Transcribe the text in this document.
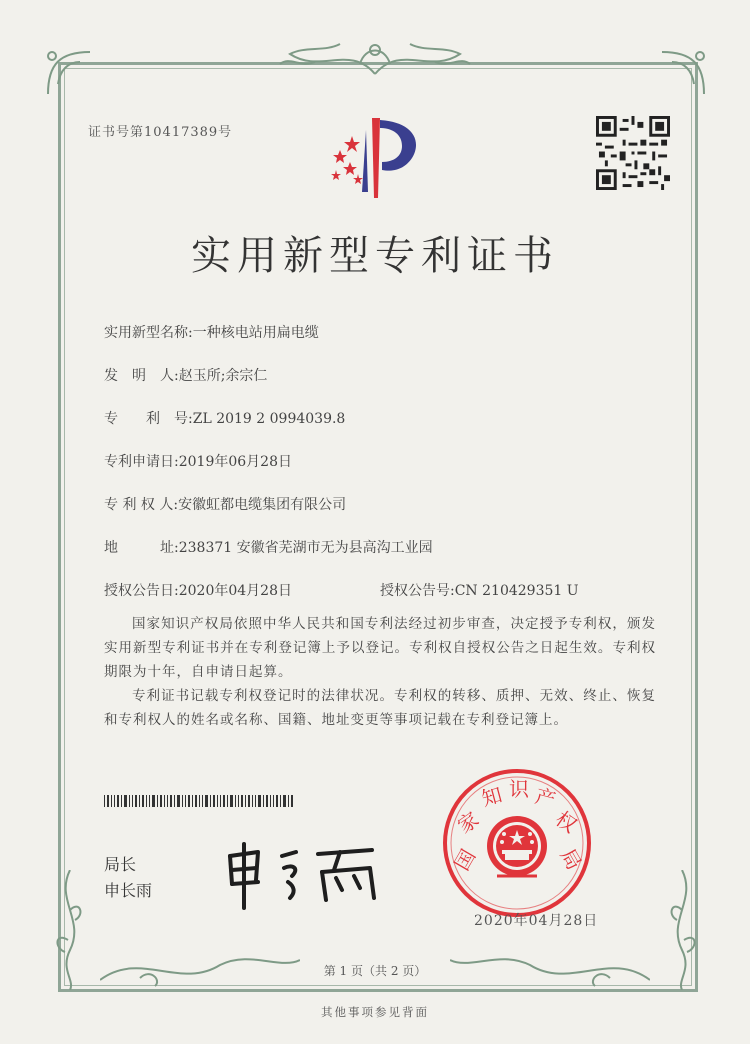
证书号第10417389号
实用新型专利证书
实用新型名称:一种核电站用扁电缆
发　明　人:赵玉所;余宗仁
专　　利　号:ZL 2019 2 0994039.8
专利申请日:2019年06月28日
专 利 权 人:安徽虹都电缆集团有限公司
地　　　址:238371 安徽省芜湖市无为县高沟工业园
授权公告日:2020年04月28日	授权公告号:CN 210429351 U
国家知识产权局依照中华人民共和国专利法经过初步审查，决定授予专利权，颁发实用新型专利证书并在专利登记簿上予以登记。专利权自授权公告之日起生效。专利权期限为十年，自申请日起算。
专利证书记载专利权登记时的法律状况。专利权的转移、质押、无效、终止、恢复和专利权人的姓名或名称、国籍、地址变更等事项记载在专利登记簿上。
局长
申长雨
国
家
知 识 产
权
局
2020年04月28日
第 1 页（共 2 页）
其他事项参见背面
